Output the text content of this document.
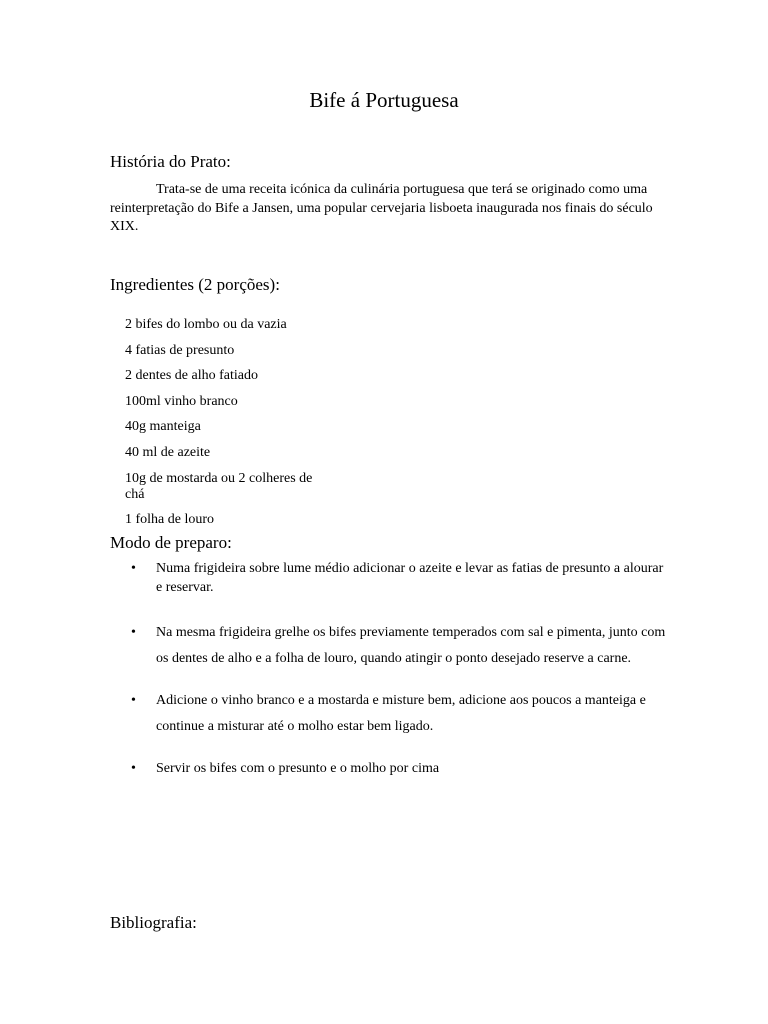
Bife á Portuguesa
História do Prato:

Trata-se de uma receita icónica da culinária portuguesa que terá se originado como uma reinterpretação do Bife a Jansen, uma popular cervejaria lisboeta inaugurada nos finais do século XIX.

Ingredientes (2 porções):
2 bifes do lombo ou da vazia
4 fatias de presunto
2 dentes de alho fatiado
100ml vinho branco
40g manteiga
40 ml de azeite
10g de mostarda ou 2 colheres de chá
1 folha de louro
Modo de preparo:
• Numa frigideira sobre lume médio adicionar o azeite e levar as fatias de presunto a alourar e reservar.
• Na mesma frigideira grelhe os bifes previamente temperados com sal e pimenta, junto com os dentes de alho e a folha de louro, quando atingir o ponto desejado reserve a carne.
• Adicione o vinho branco e a mostarda e misture bem, adicione aos poucos a manteiga e continue a misturar até o molho estar bem ligado.
• Servir os bifes com o presunto e o molho por cima
Bibliografia:
